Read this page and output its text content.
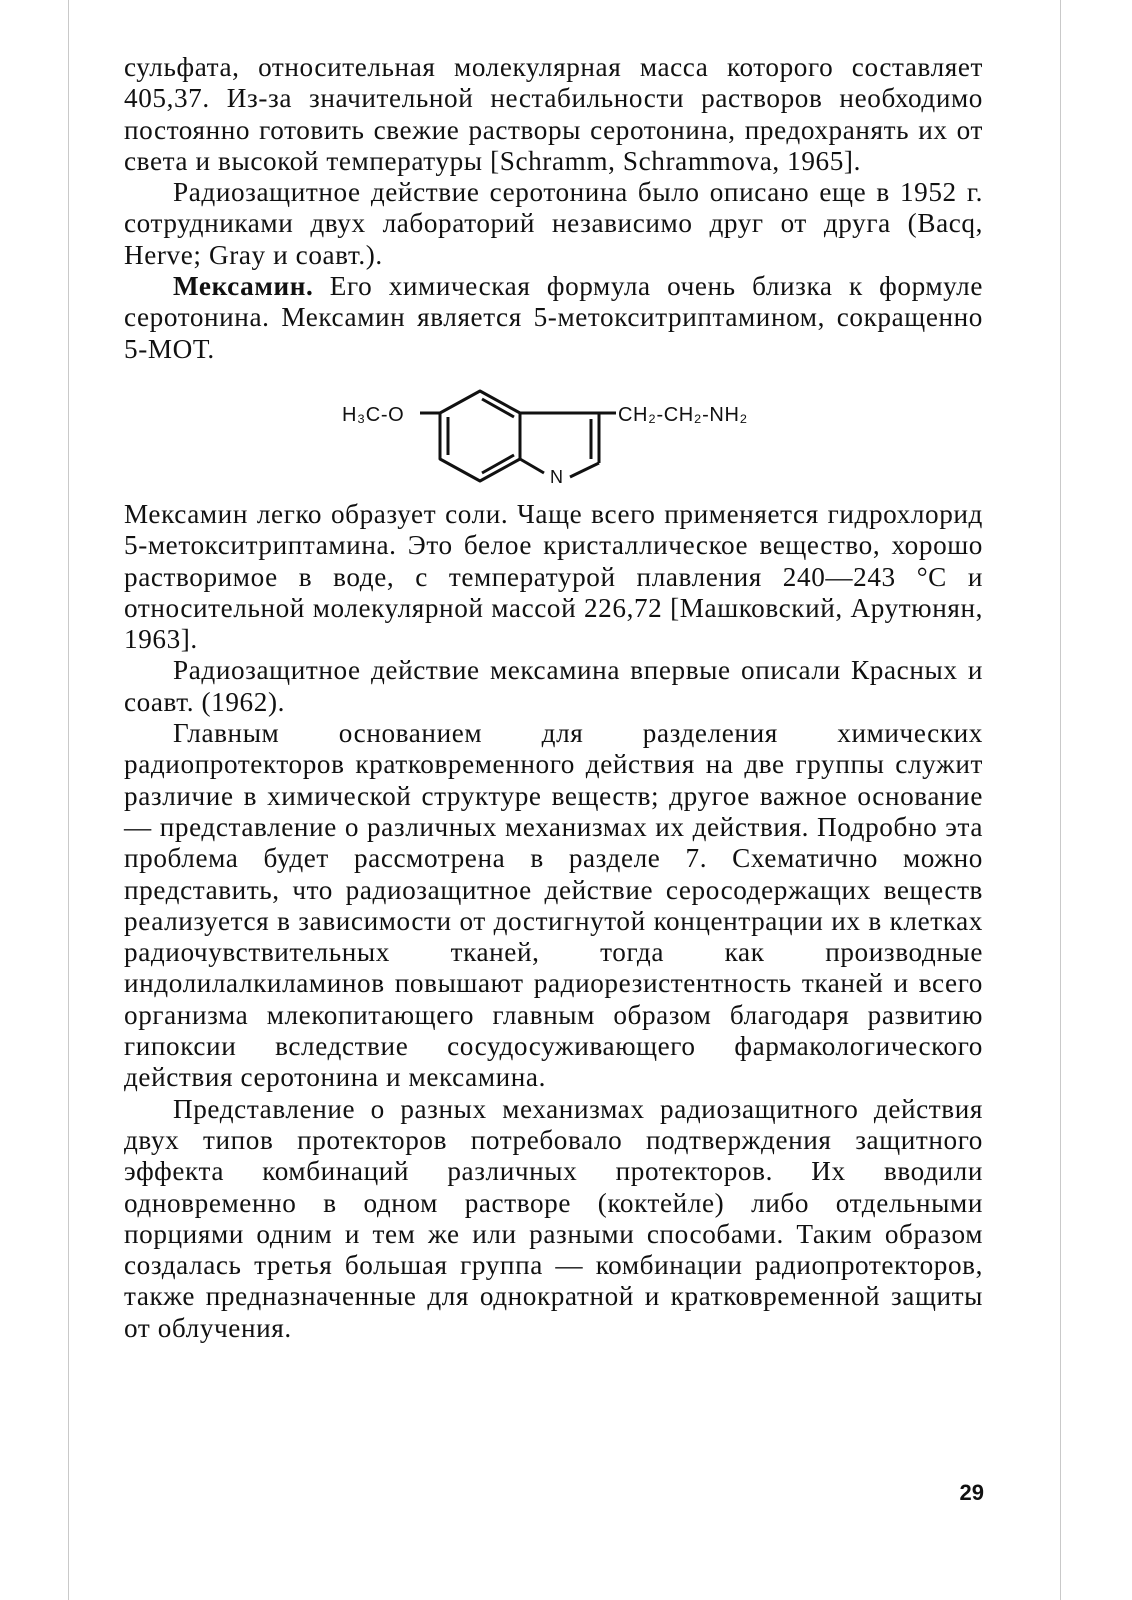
сульфата, относительная молекулярная масса которого составляет 405,37. Из-за значительной нестабильности растворов необходимо постоянно готовить свежие растворы серотонина, предохранять их от света и высокой температуры [Schramm, Schrammova, 1965].

Радиозащитное действие серотонина было описано еще в 1952 г. сотрудниками двух лабораторий независимо друг от друга (Bacq, Herve; Gray и соавт.).

Мексамин. Его химическая формула очень близка к формуле серотонина. Мексамин является 5-метокситриптамином, сокращенно 5-МОТ.

H₃C-O	CH₂-CH₂-NH₂
N

Мексамин легко образует соли. Чаще всего применяется гидрохлорид 5-метокситриптамина. Это белое кристаллическое вещество, хорошо растворимое в воде, с температурой плавления 240—243 °С и относительной молекулярной массой 226,72 [Машковский, Арутюнян, 1963].

Радиозащитное действие мексамина впервые описали Красных и соавт. (1962).

Главным основанием для разделения химических радиопротекторов кратковременного действия на две группы служит различие в химической структуре веществ; другое важное основание — представление о различных механизмах их действия. Подробно эта проблема будет рассмотрена в разделе 7. Схематично можно представить, что радиозащитное действие серосодержащих веществ реализуется в зависимости от достигнутой концентрации их в клетках радиочувствительных тканей, тогда как производные индолилалкиламинов повышают радиорезистентность тканей и всего организма млекопитающего главным образом благодаря развитию гипоксии вследствие сосудосуживающего фармакологического действия серотонина и мексамина.

Представление о разных механизмах радиозащитного действия двух типов протекторов потребовало подтверждения защитного эффекта комбинаций различных протекторов. Их вводили одновременно в одном растворе (коктейле) либо отдельными порциями одним и тем же или разными способами. Таким образом создалась третья большая группа — комбинации радиопротекторов, также предназначенные для однократной и кратковременной защиты от облучения.

29
